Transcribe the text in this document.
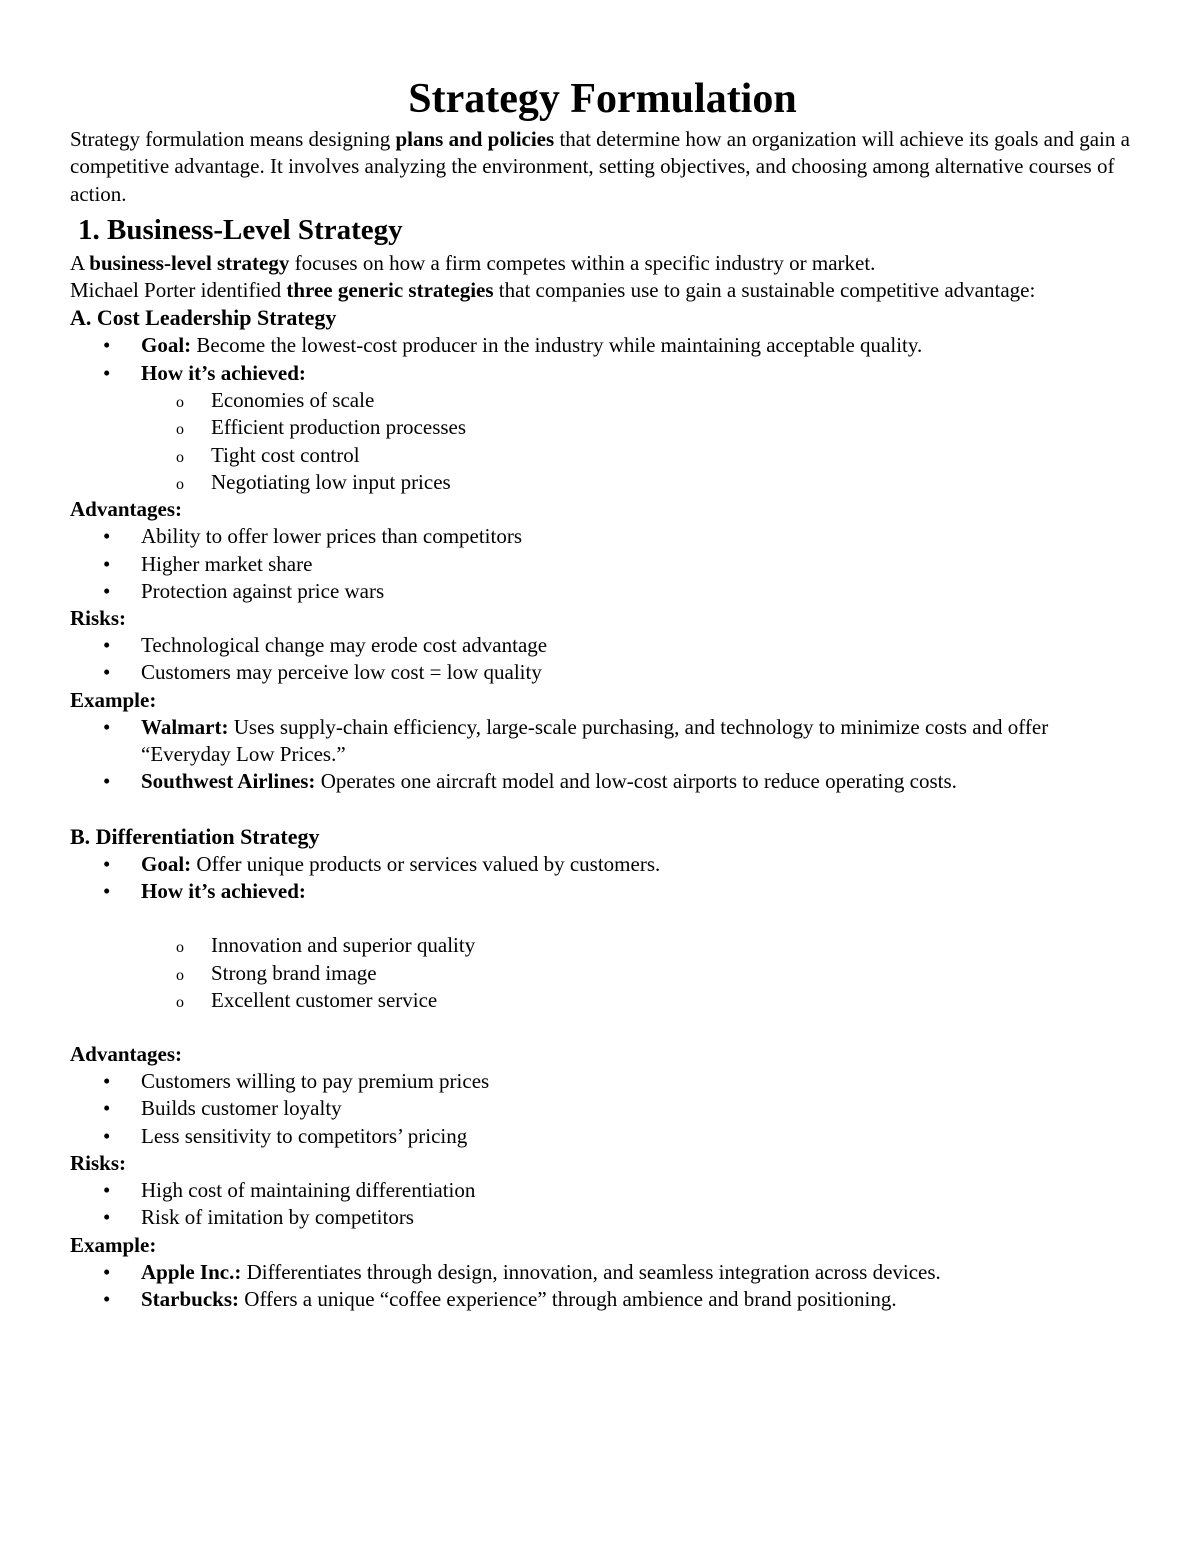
Strategy Formulation

Strategy formulation means designing plans and policies that determine how an organization will achieve its goals and gain a competitive advantage. It involves analyzing the environment, setting objectives, and choosing among alternative courses of action.

1. Business-Level Strategy

A business-level strategy focuses on how a firm competes within a specific industry or market.

Michael Porter identified three generic strategies that companies use to gain a sustainable competitive advantage:

A. Cost Leadership Strategy
• Goal: Become the lowest-cost producer in the industry while maintaining acceptable quality.
• How it’s achieved:
o Economies of scale
o Efficient production processes
o Tight cost control
o Negotiating low input prices

Advantages:

• Ability to offer lower prices than competitors
• Higher market share
• Protection against price wars

Risks:

• Technological change may erode cost advantage
• Customers may perceive low cost = low quality

Example:

• Walmart: Uses supply-chain efficiency, large-scale purchasing, and technology to minimize costs and offer “Everyday Low Prices.”
• Southwest Airlines: Operates one aircraft model and low-cost airports to reduce operating costs.
B. Differentiation Strategy
• Goal: Offer unique products or services valued by customers.
• How it’s achieved:
o Innovation and superior quality
o Strong brand image
o Excellent customer service

Advantages:

• Customers willing to pay premium prices
• Builds customer loyalty
• Less sensitivity to competitors’ pricing

Risks:

• High cost of maintaining differentiation
• Risk of imitation by competitors

Example:

• Apple Inc.: Differentiates through design, innovation, and seamless integration across devices.
• Starbucks: Offers a unique “coffee experience” through ambience and brand positioning.
